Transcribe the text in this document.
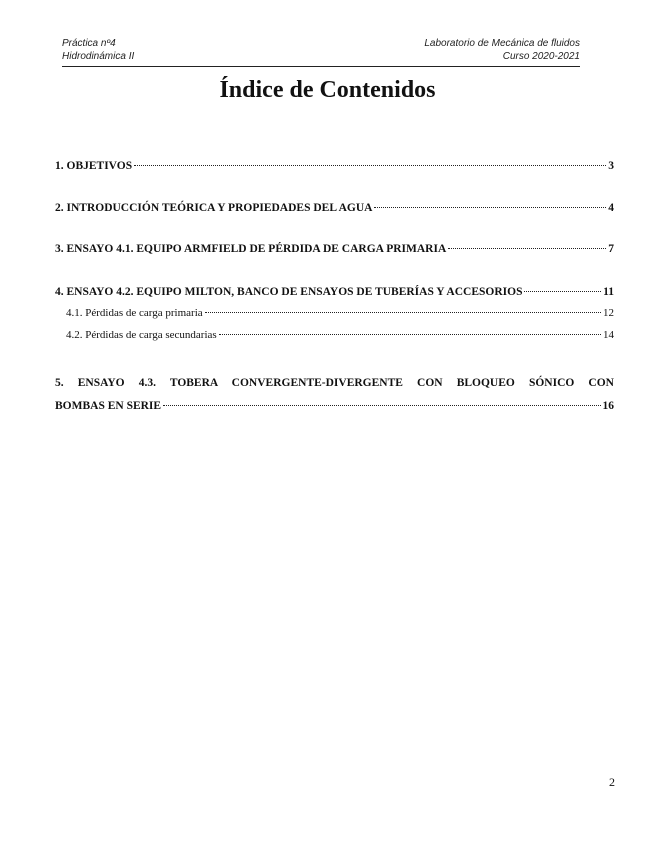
Práctica nº4
Hidrodinámica II
Laboratorio de Mecánica de fluidos
Curso 2020-2021
Índice de Contenidos
1. OBJETIVOS	3
2. INTRODUCCIÓN TEÓRICA Y PROPIEDADES DEL AGUA	4
3. ENSAYO 4.1. EQUIPO ARMFIELD DE PÉRDIDA DE CARGA PRIMARIA	7
4. ENSAYO 4.2. EQUIPO MILTON, BANCO DE ENSAYOS DE TUBERÍAS Y ACCESORIOS	11
4.1. Pérdidas de carga primaria	12
4.2. Pérdidas de carga secundarias	14
5. ENSAYO 4.3. TOBERA CONVERGENTE-DIVERGENTE CON BLOQUEO SÓNICO CON
BOMBAS EN SERIE	16
2
